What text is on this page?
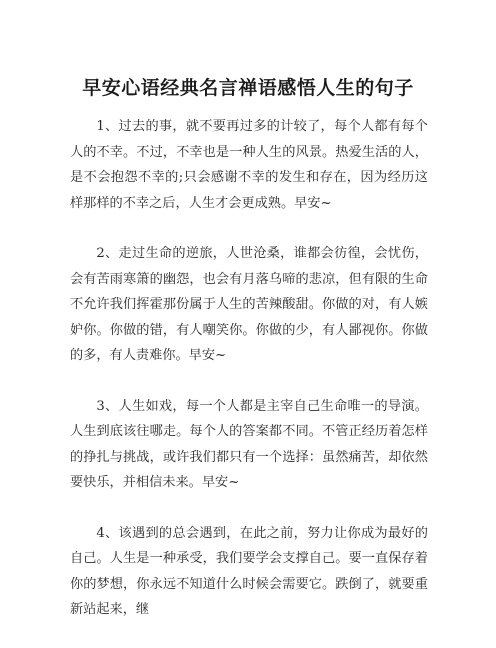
早安心语经典名言禅语感悟人生的句子

1、过去的事，就不要再过多的计较了，每个人都有每个人的不幸。不过，不幸也是一种人生的风景。热爱生活的人，是不会抱怨不幸的;只会感谢不幸的发生和存在，因为经历这样那样的不幸之后，人生才会更成熟。早安~

2、走过生命的逆旅，人世沧桑，谁都会彷徨，会忧伤，会有苦雨寒箫的幽怨，也会有月落乌啼的悲凉，但有限的生命不允许我们挥霍那份属于人生的苦辣酸甜。你做的对，有人嫉妒你。你做的错，有人嘲笑你。你做的少，有人鄙视你。你做的多，有人责难你。早安~

3、人生如戏，每一个人都是主宰自己生命唯一的导演。人生到底该往哪走。每个人的答案都不同。不管正经历着怎样的挣扎与挑战，或许我们都只有一个选择：虽然痛苦，却依然要快乐，并相信未来。早安~

4、该遇到的总会遇到，在此之前，努力让你成为最好的自己。人生是一种承受，我们要学会支撑自己。要一直保存着你的梦想，你永远不知道什么时候会需要它。跌倒了，就要重新站起来，继
